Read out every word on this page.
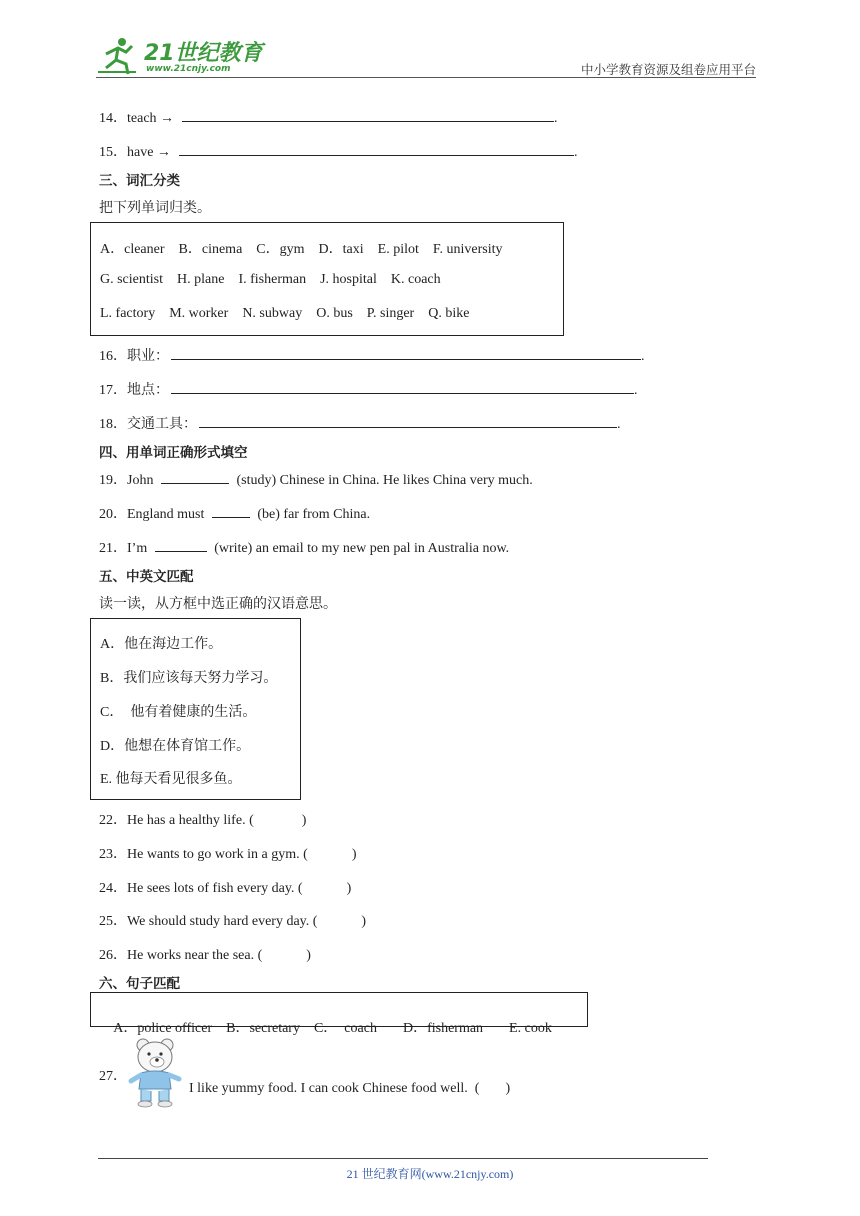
21世纪教育
www.21cnjy.com	中小学教育资源及组卷应用平台
14．teach →	.
15．have →	.
三、词汇分类
把下列单词归类。
A．cleaner B．cinema C．gym D．taxi E. pilot F. university
G. scientist H. plane I. fisherman J. hospital K. coach
L. factory M. worker N. subway O. bus P. singer Q. bike
16．职业：	.
17．地点：	.
18．交通工具：	.
四、用单词正确形式填空
19．John	(study) Chinese in China. He likes China very much.
20．England must	(be) far from China.
21．I’m	(write) an email to my new pen pal in Australia now.
五、中英文匹配
读一读，从方框中选正确的汉语意思。
A．他在海边工作。
B．我们应该每天努力学习。
C．  他有着健康的生活。
D．他想在体育馆工作。
E. 他每天看见很多鱼。
22．He has a healthy life. (	)
23．He wants to go work in a gym. (	)
24．He sees lots of fish every day. (	)
25．We should study hard every day. (	)
26．He works near the sea. (	)
六、句子匹配

A．police officer B．secretary C．  coach D．fisherman E. cook

27．

I like yummy food. I can cook Chinese food well.  ( )

21 世纪教育网(www.21cnjy.com)
